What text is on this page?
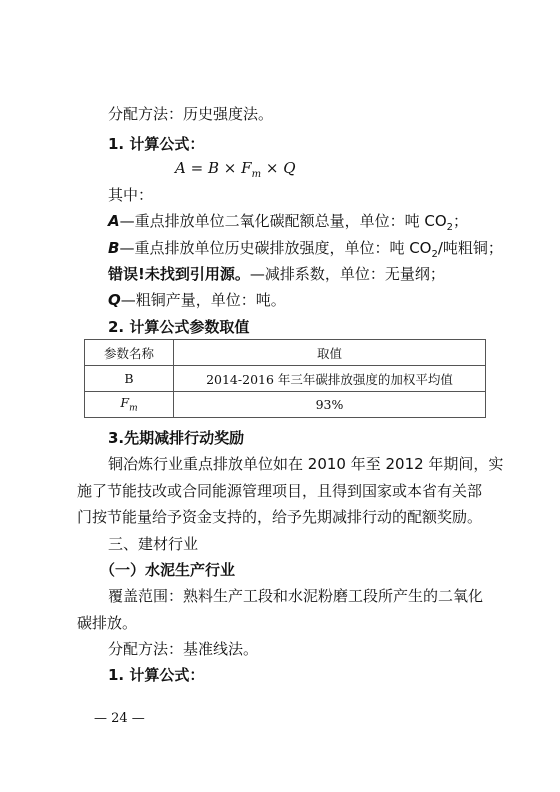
分配方法：历史强度法。
1. 计算公式：
$A = B \times F_m \times Q$
其中：
A—重点排放单位二氧化碳配额总量，单位：吨 $CO_2$；
B—重点排放单位历史碳排放强度，单位：吨 $CO_2/$吨粗铜；
错误!未找到引用源。—减排系数，单位：无量纲；
Q—粗铜产量，单位：吨。
2. 计算公式参数取值
参数名称	取值
B	2014-2016 年三年碳排放强度的加权平均值
$F_m$	93%
3.先期减排行动奖励
铜冶炼行业重点排放单位如在 2010 年至 2012 年期间，实
施了节能技改或合同能源管理项目，且得到国家或本省有关部
门按节能量给予资金支持的，给予先期减排行动的配额奖励。
三、建材行业
（一）水泥生产行业
覆盖范围：熟料生产工段和水泥粉磨工段所产生的二氧化
碳排放。
分配方法：基准线法。
1. 计算公式：
— 24 —
